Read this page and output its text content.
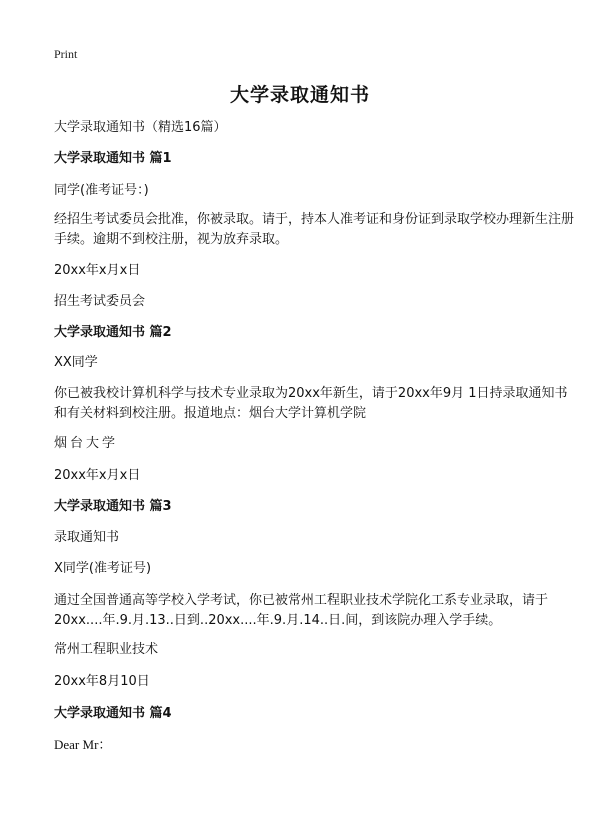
Print
大学录取通知书
大学录取通知书（精选16篇）
大学录取通知书 篇1
同学(准考证号：)
经招生考试委员会批准，你被录取。请于，持本人准考证和身份证到录取学校办理新生注册手续。逾期不到校注册，视为放弃录取。
20xx年x月x日
招生考试委员会
大学录取通知书 篇2
XX同学
你已被我校计算机科学与技术专业录取为20xx年新生，请于20xx年9月 1日持录取通知书和有关材料到校注册。报道地点：烟台大学计算机学院
烟台大学
20xx年x月x日
大学录取通知书 篇3
录取通知书
X同学(准考证号)
通过全国普通高等学校入学考试，你已被常州工程职业技术学院化工系专业录取，请于20xx....年.9.月.13..日到..20xx....年.9.月.14..日.间，到该院办理入学手续。
常州工程职业技术
20xx年8月10日
大学录取通知书 篇4
Dear Mr：
